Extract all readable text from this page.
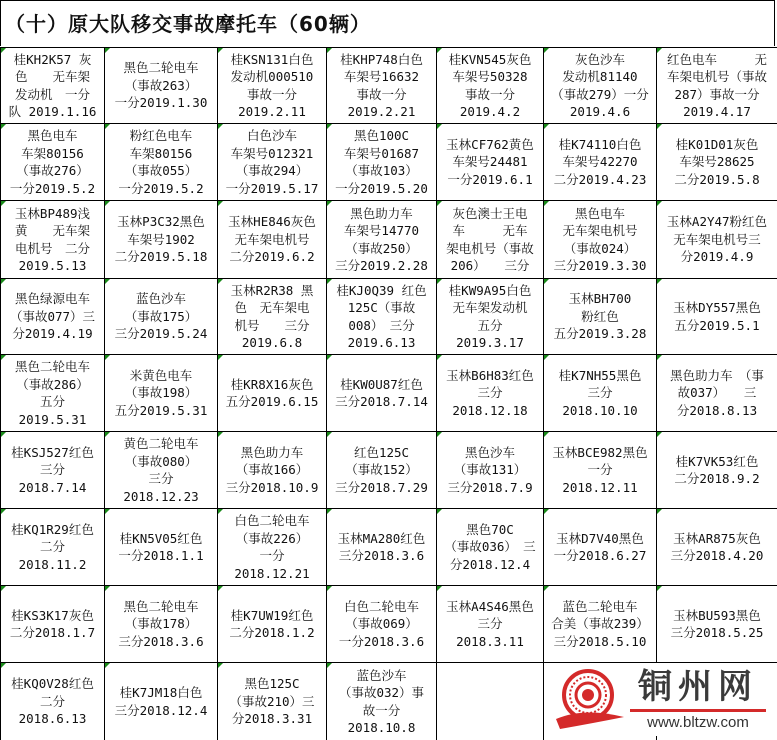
（十）原大队移交事故摩托车（60辆）
桂KH2K57 灰
色　　无车架
发动机　一分
队 2019.1.16
黑色二轮电车
（事故263）
一分2019.1.30
桂KSN131白色
发动机000510
事故一分
2019.2.11
桂KHP748白色
车架号16632
事故一分
2019.2.21
桂KVN545灰色
车架号50328
事故一分
2019.4.2
灰色沙车
发动机81140
（事故279）一分
2019.4.6
红色电车　　　无
车架电机号（事故
287）事故一分
2019.4.17
黑色电车
车架80156
（事故276）
一分2019.5.2
粉红色电车
车架80156
（事故055）
一分2019.5.2
白色沙车
车架号012321
（事故294）
一分2019.5.17
黑色100C
车架号01687
（事故103）
一分2019.5.20
玉林CF762黄色
车架号24481
一分2019.6.1
桂K74110白色
车架号42270
二分2019.4.23
桂K01D01灰色
车架号28625
二分2019.5.8
玉林BP489浅
黄　　无车架
电机号　二分
2019.5.13
玉林P3C32黑色
车架号1902
二分2019.5.18
玉林HE846灰色
无车架电机号
二分2019.6.2
黑色助力车
车架号14770
（事故250）
三分2019.2.28
灰色澳士王电
车　　　无车
架电机号（事故
206）　　三分
黑色电车
无车架电机号
（事故024）
三分2019.3.30
玉林A2Y47粉红色
无车架电机号三
分2019.4.9
黑色绿源电车
（事故077）三
分2019.4.19
蓝色沙车
（事故175）
三分2019.5.24
玉林R2R38 黑
色　无车架电
机号　　三分
2019.6.8
桂KJ0Q39 红色
125C（事故
008）　三分
2019.6.13
桂KW9A95白色
无车架发动机
五分
2019.3.17
玉林BH700
粉红色
五分2019.3.28
玉林DY557黑色
五分2019.5.1
黑色二轮电车
（事故286）
五分
2019.5.31
米黄色电车
（事故198）
五分2019.5.31
桂KR8X16灰色
五分2019.6.15
桂KW0U87红色
三分2018.7.14
玉林B6H83红色
三分
2018.12.18
桂K7NH55黑色
三分
2018.10.10
黑色助力车　（事
故037）　　三
分2018.8.13
桂KSJ527红色
三分
2018.7.14
黄色二轮电车
（事故080）
三分
2018.12.23
黑色助力车
（事故166）
三分2018.10.9
红色125C
（事故152）
三分2018.7.29
黑色沙车
（事故131）
三分2018.7.9
玉林BCE982黑色
一分
2018.12.11
桂K7VK53红色
二分2018.9.2
桂KQ1R29红色
二分
2018.11.2
桂KN5V05红色
一分2018.1.1
白色二轮电车
（事故226）
一分
2018.12.21
玉林MA280红色
三分2018.3.6
黑色70C
（事故036）　三
分2018.12.4
玉林D7V40黑色
一分2018.6.27
玉林AR875灰色
三分2018.4.20
桂KS3K17灰色
二分2018.1.7
黑色二轮电车
（事故178）
三分2018.3.6
桂K7UW19红色
二分2018.1.2
白色二轮电车
（事故069）
一分2018.3.6
玉林A4S46黑色
三分
2018.3.11
蓝色二轮电车
合美（事故239）
三分2018.5.10
玉林BU593黑色
三分2018.5.25
桂KQ0V28红色
二分
2018.6.13
桂K7JM18白色
三分2018.12.4
黑色125C
（事故210）三
分2018.3.31
蓝色沙车
（事故032）事
故一分
2018.10.8
铜州网
www.bltzw.com
